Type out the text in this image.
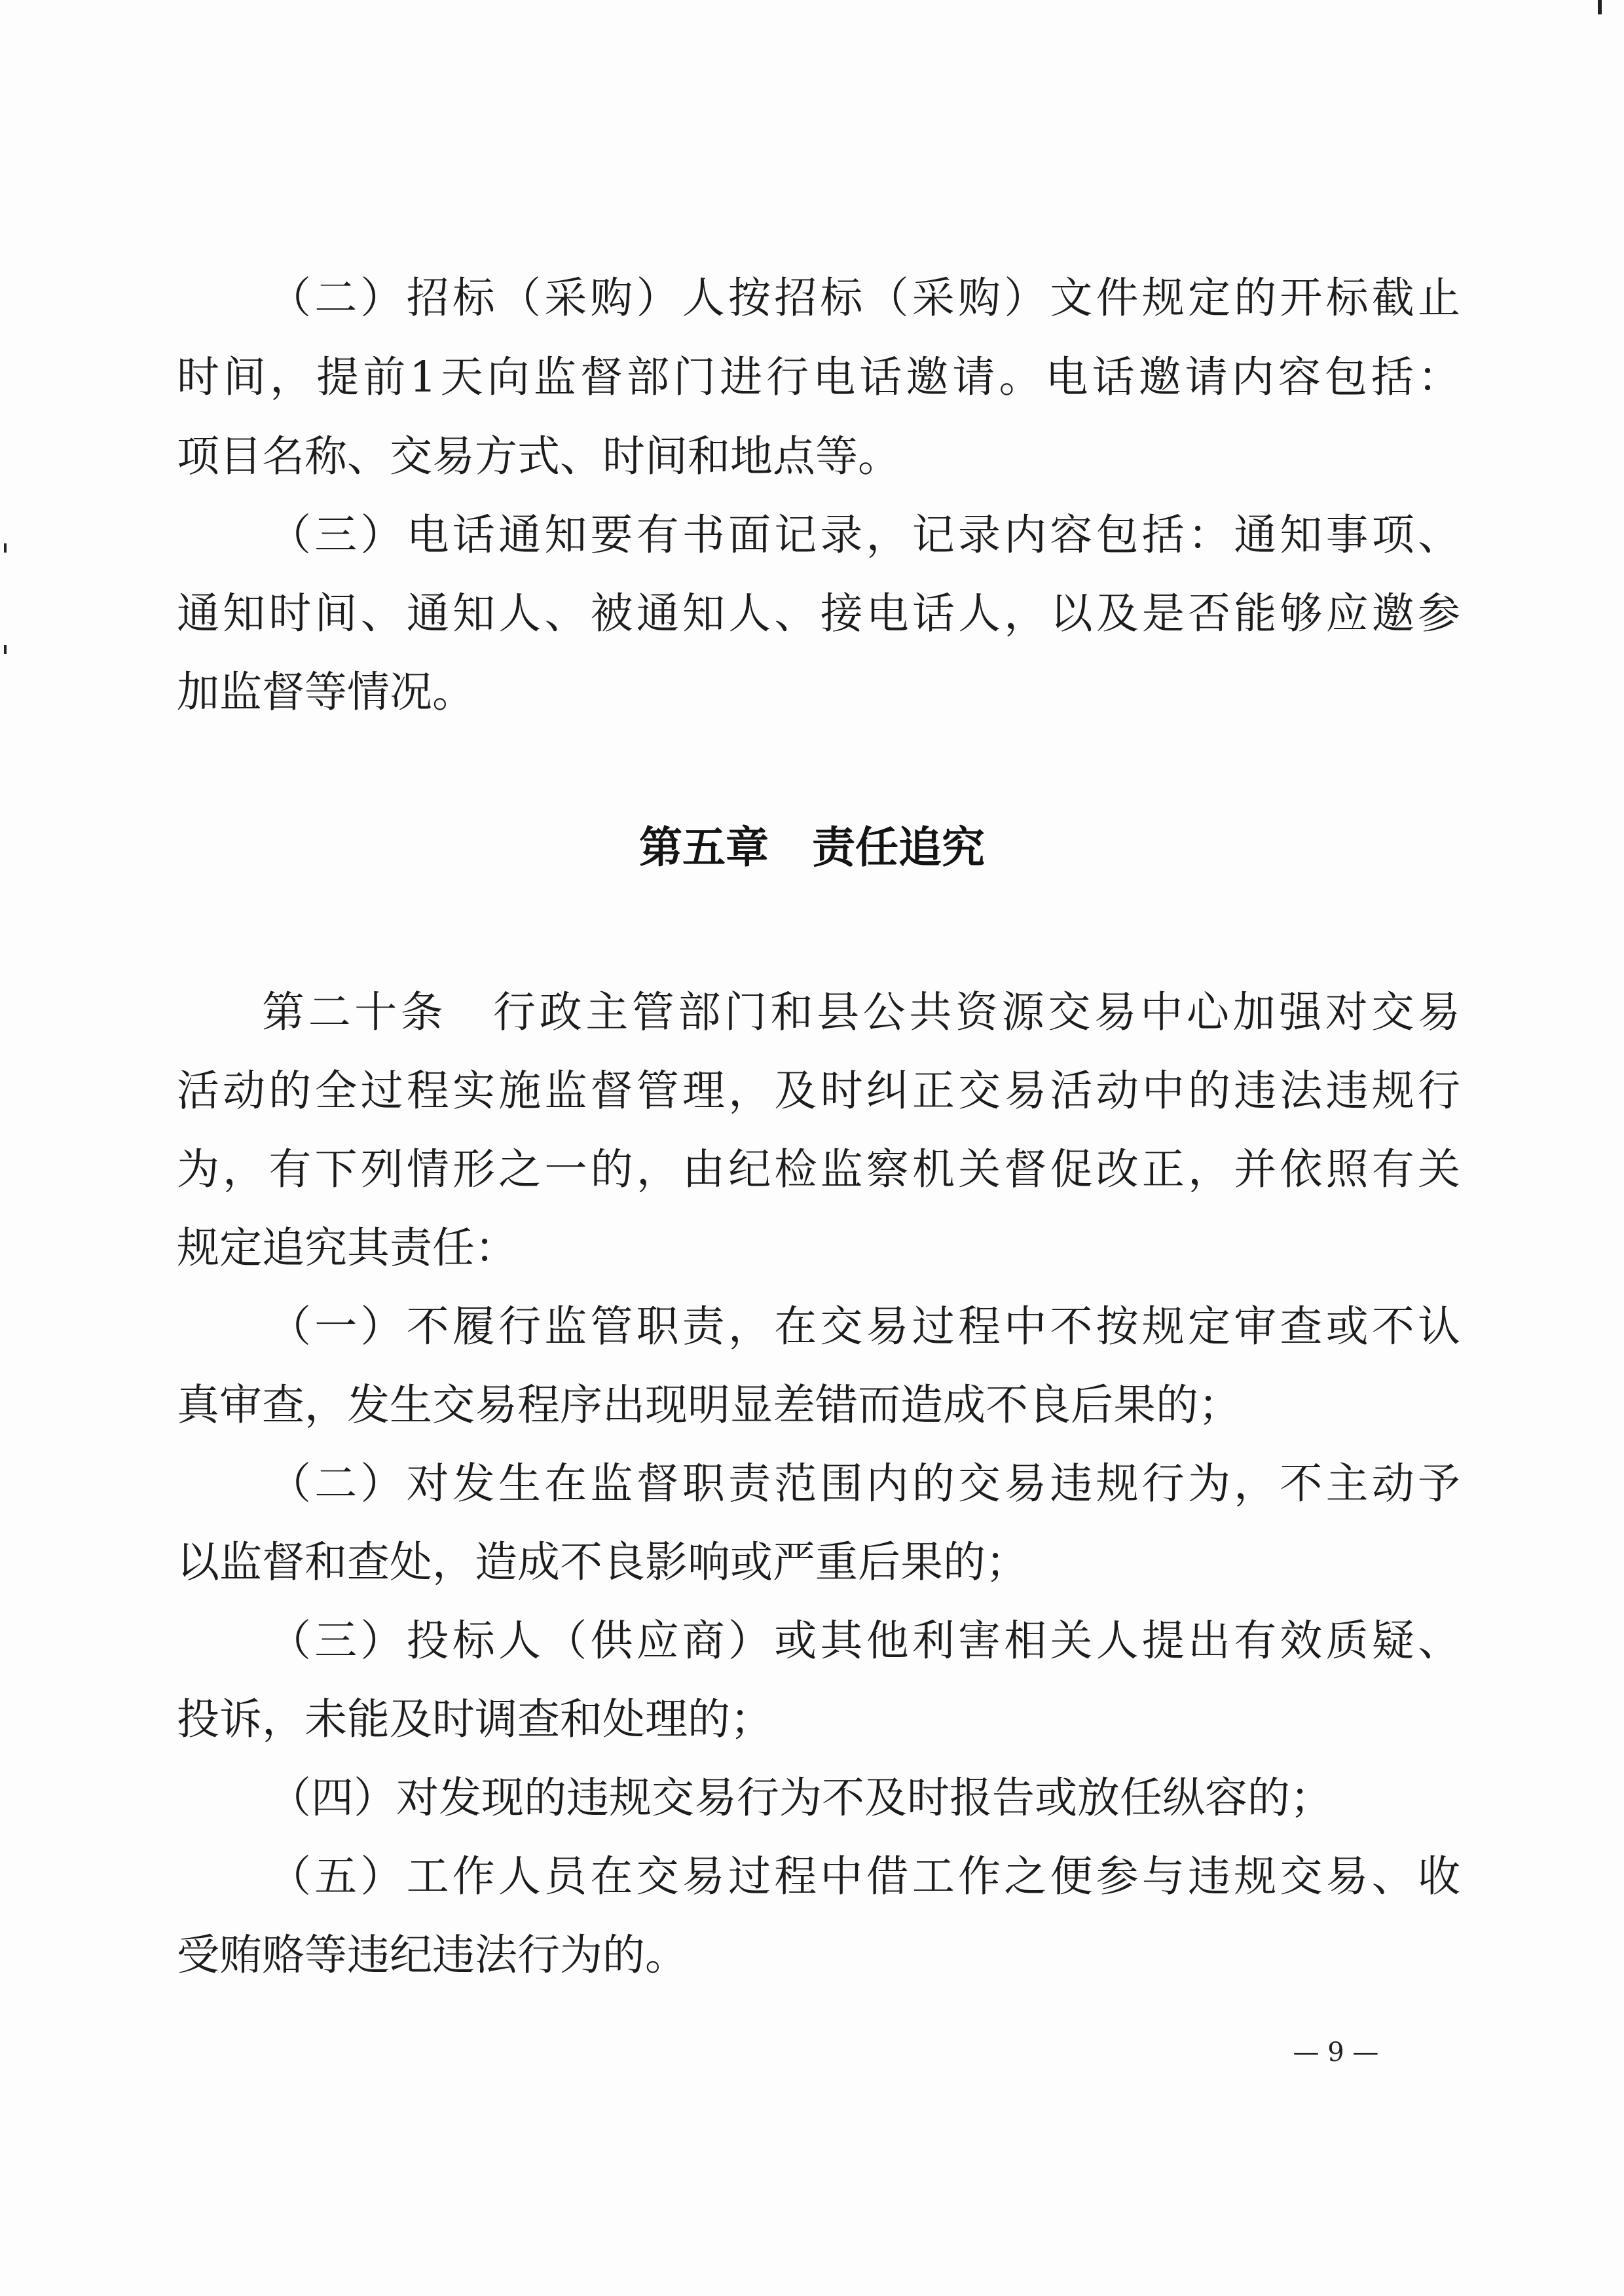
（二）招标（采购）人按招标（采购）文件规定的开标截止
时间，提前1天向监督部门进行电话邀请。电话邀请内容包括：
项目名称、交易方式、时间和地点等。
（三）电话通知要有书面记录，记录内容包括：通知事项、
通知时间、通知人、被通知人、接电话人，以及是否能够应邀参
加监督等情况。
第五章　责任追究
第二十条　行政主管部门和县公共资源交易中心加强对交易
活动的全过程实施监督管理，及时纠正交易活动中的违法违规行
为，有下列情形之一的，由纪检监察机关督促改正，并依照有关
规定追究其责任：
（一）不履行监管职责，在交易过程中不按规定审查或不认
真审查，发生交易程序出现明显差错而造成不良后果的；
（二）对发生在监督职责范围内的交易违规行为，不主动予
以监督和查处，造成不良影响或严重后果的；
（三）投标人（供应商）或其他利害相关人提出有效质疑、
投诉，未能及时调查和处理的；
（四）对发现的违规交易行为不及时报告或放任纵容的；
（五）工作人员在交易过程中借工作之便参与违规交易、收
受贿赂等违纪违法行为的。
— 9 —
